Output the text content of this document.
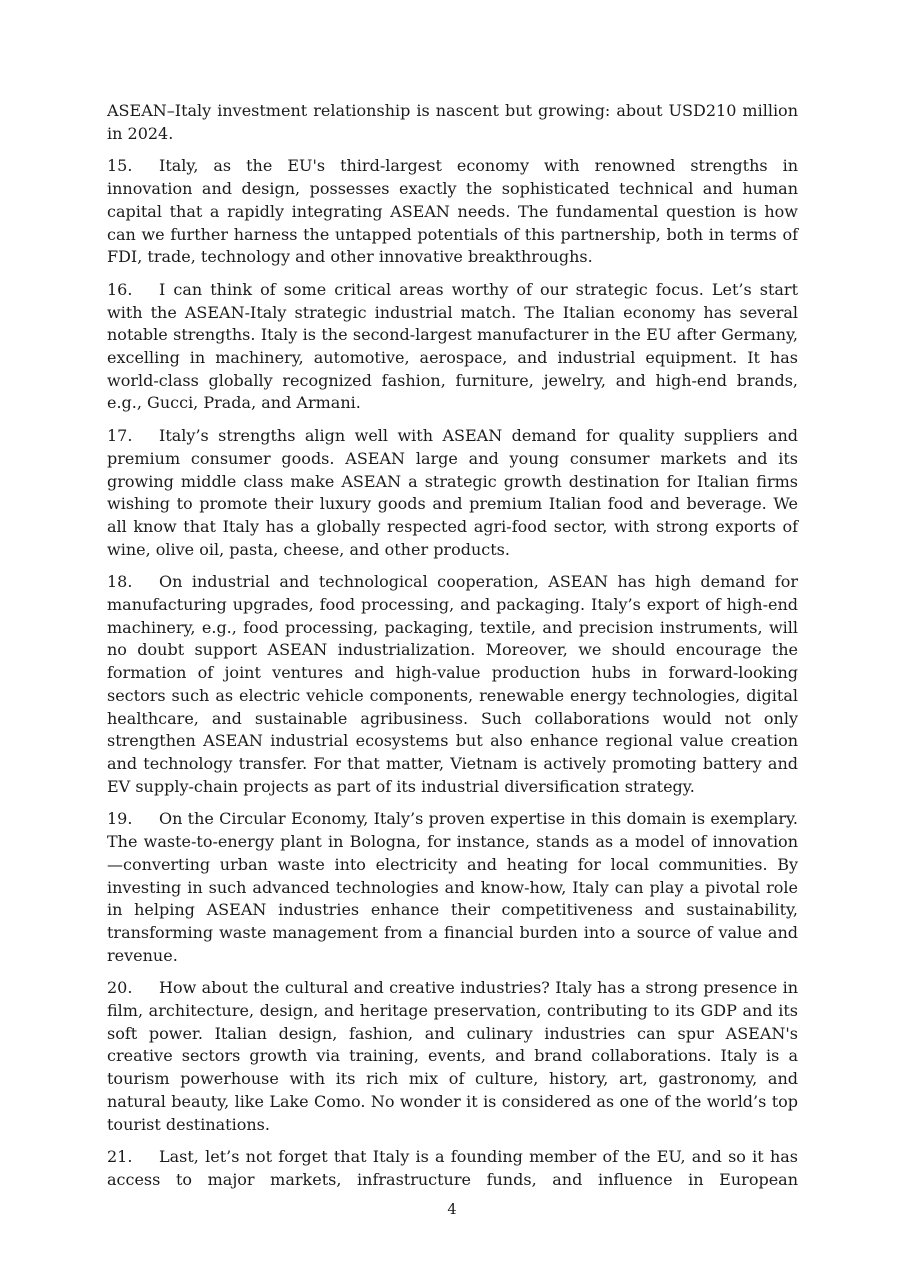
ASEAN–Italy investment relationship is nascent but growing: about USD210 million in 2024.

15. Italy, as the EU's third-largest economy with renowned strengths in innovation and design, possesses exactly the sophisticated technical and human capital that a rapidly integrating ASEAN needs. The fundamental question is how can we further harness the untapped potentials of this partnership, both in terms of FDI, trade, technology and other innovative breakthroughs.

16. I can think of some critical areas worthy of our strategic focus. Let’s start with the ASEAN-Italy strategic industrial match. The Italian economy has several notable strengths. Italy is the second-largest manufacturer in the EU after Germany, excelling in machinery, automotive, aerospace, and industrial equipment. It has world-class globally recognized fashion, furniture, jewelry, and high-end brands, e.g., Gucci, Prada, and Armani.

17. Italy’s strengths align well with ASEAN demand for quality suppliers and premium consumer goods. ASEAN large and young consumer markets and its growing middle class make ASEAN a strategic growth destination for Italian firms wishing to promote their luxury goods and premium Italian food and beverage. We all know that Italy has a globally respected agri-food sector, with strong exports of wine, olive oil, pasta, cheese, and other products.

18. On industrial and technological cooperation, ASEAN has high demand for manufacturing upgrades, food processing, and packaging. Italy’s export of high-end machinery, e.g., food processing, packaging, textile, and precision instruments, will no doubt support ASEAN industrialization. Moreover, we should encourage the formation of joint ventures and high-value production hubs in forward-looking sectors such as electric vehicle components, renewable energy technologies, digital healthcare, and sustainable agribusiness. Such collaborations would not only strengthen ASEAN industrial ecosystems but also enhance regional value creation and technology transfer. For that matter, Vietnam is actively promoting battery and EV supply-chain projects as part of its industrial diversification strategy.

19. On the Circular Economy, Italy’s proven expertise in this domain is exemplary. The waste-to-energy plant in Bologna, for instance, stands as a model of innovation—converting urban waste into electricity and heating for local communities. By investing in such advanced technologies and know-how, Italy can play a pivotal role in helping ASEAN industries enhance their competitiveness and sustainability, transforming waste management from a financial burden into a source of value and revenue.

20. How about the cultural and creative industries? Italy has a strong presence in film, architecture, design, and heritage preservation, contributing to its GDP and its soft power. Italian design, fashion, and culinary industries can spur ASEAN's creative sectors growth via training, events, and brand collaborations. Italy is a tourism powerhouse with its rich mix of culture, history, art, gastronomy, and natural beauty, like Lake Como. No wonder it is considered as one of the world’s top tourist destinations.

21. Last, let’s not forget that Italy is a founding member of the EU, and so it has access to major markets, infrastructure funds, and influence in European

4
